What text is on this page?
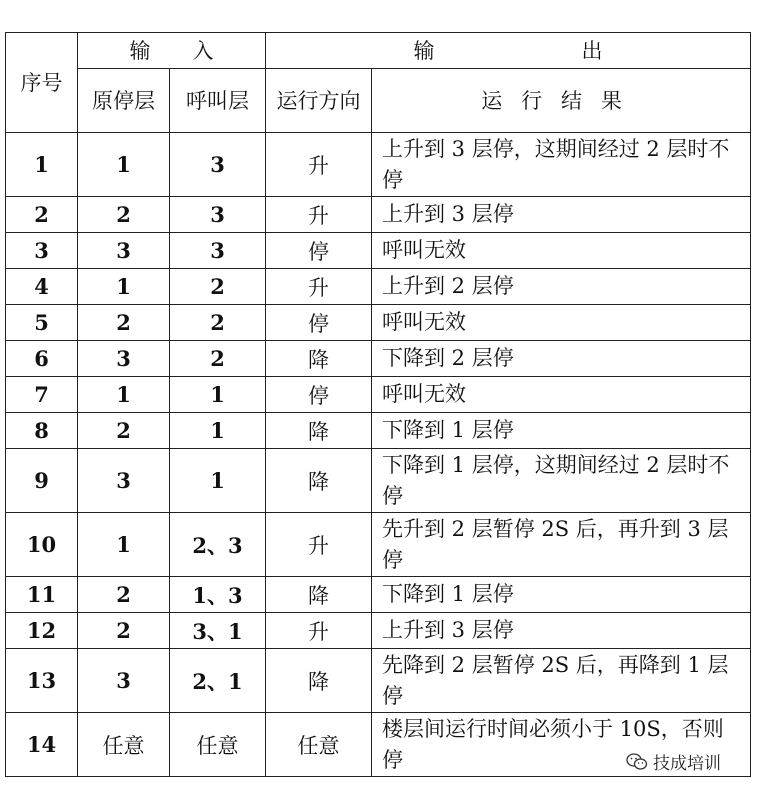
序号	输　　入		输　　　　　　　出	
	原停层	呼叫层	运行方向	运行结果
1	1	3	升	上升到 3 层停，这期间经过 2 层时不停
2	2	3	升	上升到 3 层停
3	3	3	停	呼叫无效
4	1	2	升	上升到 2 层停
5	2	2	停	呼叫无效
6	3	2	降	下降到 2 层停
7	1	1	停	呼叫无效
8	2	1	降	下降到 1 层停
9	3	1	降	下降到 1 层停，这期间经过 2 层时不停
10	1	2、3	升	先升到 2 层暂停 2S 后，再升到 3 层停
11	2	1、3	降	下降到 1 层停
12	2	3、1	升	上升到 3 层停
13	3	2、1	降	先降到 2 层暂停 2S 后，再降到 1 层停
14	任意	任意	任意	楼层间运行时间必须小于 10S，否则停	技成培训
